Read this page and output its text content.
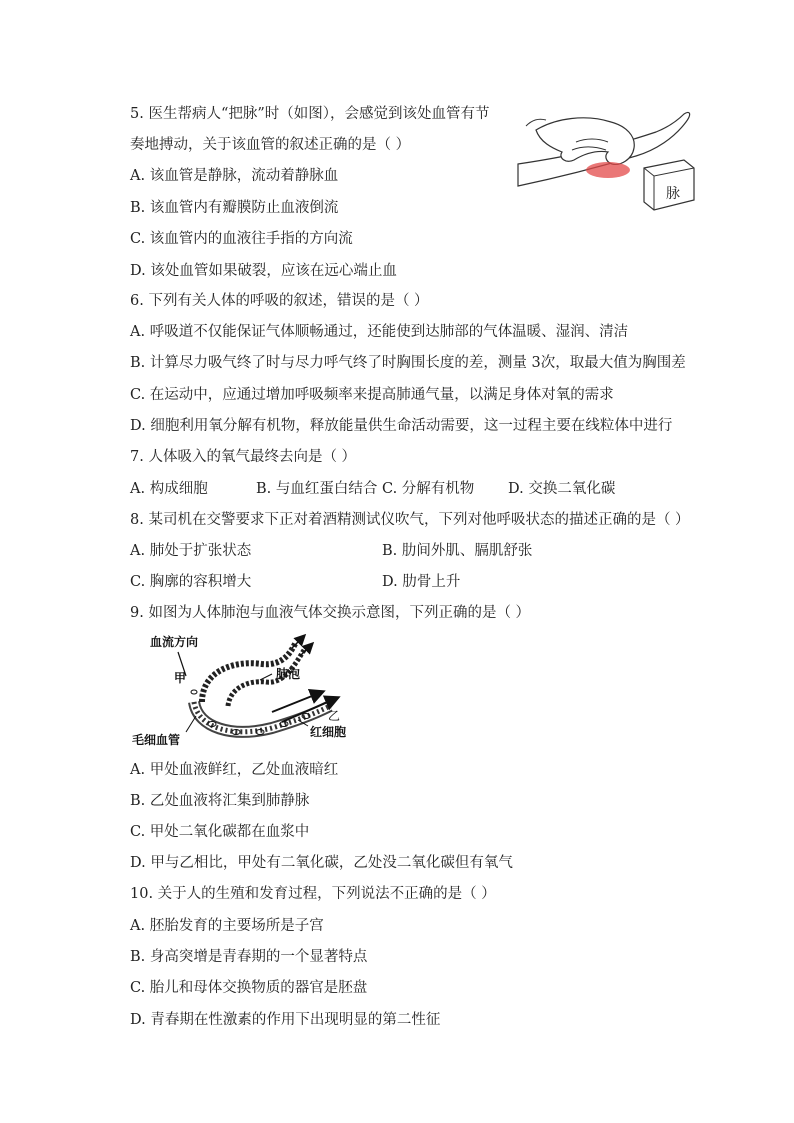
5. 医生帮病人“把脉”时（如图），会感觉到该处血管有节
奏地搏动，关于该血管的叙述正确的是（ ）
A. 该血管是静脉，流动着静脉血
B. 该血管内有瓣膜防止血液倒流
C. 该血管内的血液往手指的方向流
D. 该处血管如果破裂，应该在远心端止血
脉
6. 下列有关人体的呼吸的叙述，错误的是（ ）
A. 呼吸道不仅能保证气体顺畅通过，还能使到达肺部的气体温暖、湿润、清洁
B. 计算尽力吸气终了时与尽力呼气终了时胸围长度的差，测量 3次，取最大值为胸围差
C. 在运动中，应通过增加呼吸频率来提高肺通气量，以满足身体对氧的需求
D. 细胞利用氧分解有机物，释放能量供生命活动需要，这一过程主要在线粒体中进行
7. 人体吸入的氧气最终去向是（ ）
A. 构成细胞	B. 与血红蛋白结合 C. 分解有机物 D. 交换二氧化碳
8. 某司机在交警要求下正对着酒精测试仪吹气，下列对他呼吸状态的描述正确的是（ ）
A. 肺处于扩张状态	B. 肋间外肌、膈肌舒张
C. 胸廓的容积增大	D. 肋骨上升
9. 如图为人体肺泡与血液气体交换示意图，下列正确的是（ ）
血流方向
甲	肺泡
乙
红细胞
毛细血管
A. 甲处血液鲜红，乙处血液暗红
B. 乙处血液将汇集到肺静脉
C. 甲处二氧化碳都在血浆中
D. 甲与乙相比，甲处有二氧化碳，乙处没二氧化碳但有氧气
10. 关于人的生殖和发育过程，下列说法不正确的是（ ）
A. 胚胎发育的主要场所是子宫
B. 身高突增是青春期的一个显著特点
C. 胎儿和母体交换物质的器官是胚盘
D. 青春期在性激素的作用下出现明显的第二性征
